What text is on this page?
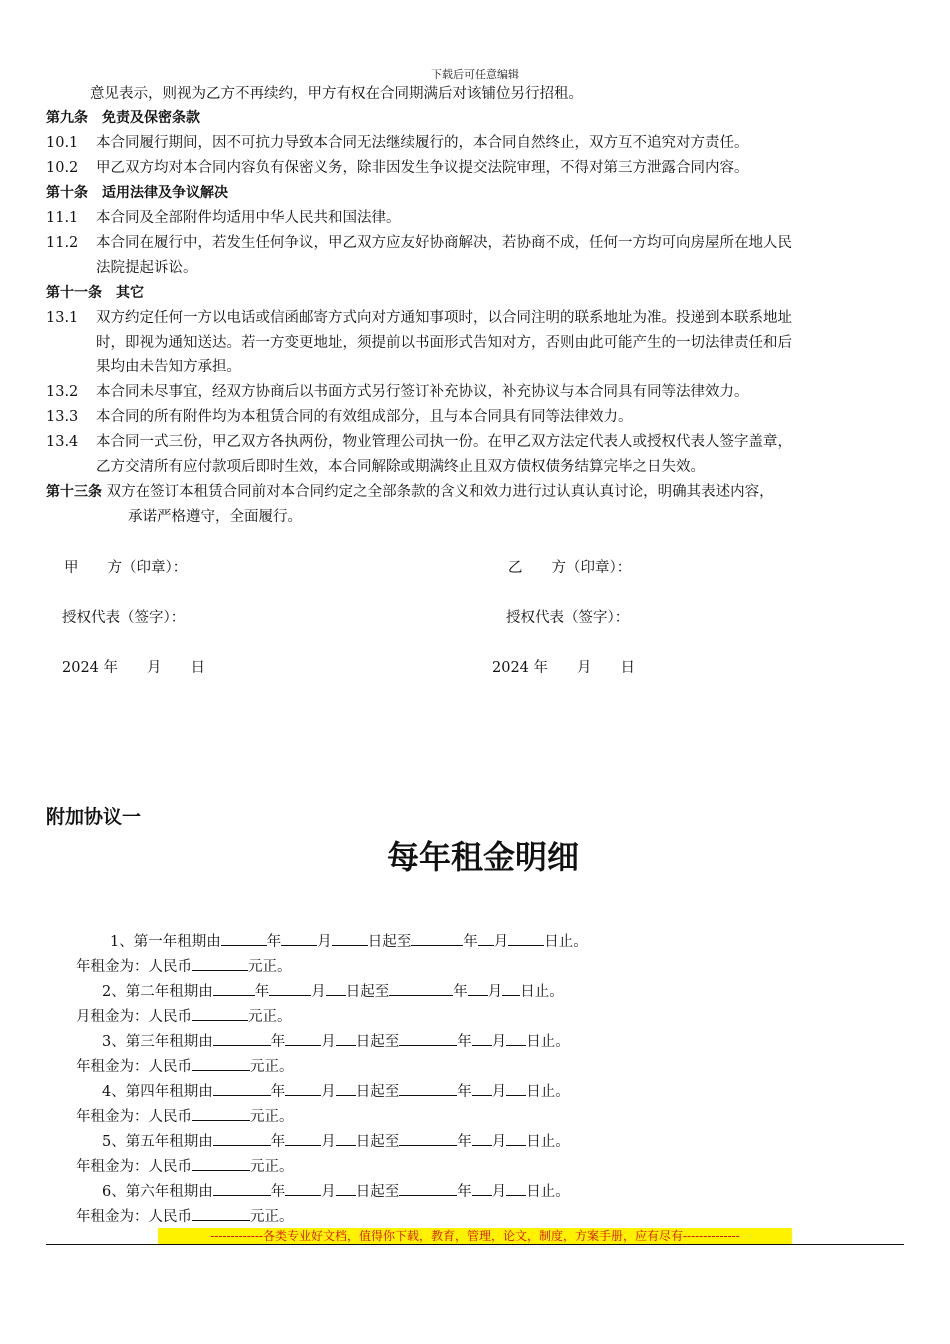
下载后可任意编辑
意见表示，则视为乙方不再续约，甲方有权在合同期满后对该铺位另行招租。
第九条　免责及保密条款
10.1 本合同履行期间，因不可抗力导致本合同无法继续履行的，本合同自然终止，双方互不追究对方责任。
10.2 甲乙双方均对本合同内容负有保密义务，除非因发生争议提交法院审理，不得对第三方泄露合同内容。
第十条　适用法律及争议解决
11.1 本合同及全部附件均适用中华人民共和国法律。
11.2 本合同在履行中，若发生任何争议，甲乙双方应友好协商解决，若协商不成，任何一方均可向房屋所在地人民
法院提起诉讼。
第十一条　其它
13.1 双方约定任何一方以电话或信函邮寄方式向对方通知事项时，以合同注明的联系地址为准。投递到本联系地址
时，即视为通知送达。若一方变更地址，须提前以书面形式告知对方，否则由此可能产生的一切法律责任和后
果均由未告知方承担。
13.2 本合同未尽事宜，经双方协商后以书面方式另行签订补充协议，补充协议与本合同具有同等法律效力。
13.3 本合同的所有附件均为本租赁合同的有效组成部分，且与本合同具有同等法律效力。
13.4 本合同一式三份，甲乙双方各执两份，物业管理公司执一份。在甲乙双方法定代表人或授权代表人签字盖章，
乙方交清所有应付款项后即时生效，本合同解除或期满终止且双方债权债务结算完毕之日失效。
第十三条 双方在签订本租赁合同前对本合同约定之全部条款的含义和效力进行过认真认真讨论，明确其表述内容，
承诺严格遵守，全面履行。
甲　　方（印章）：	乙　　方（印章）：
授权代表（签字）：	授权代表（签字）：
2024 年　　月　　日	2024 年　　月　　日
附加协议一
每年租金明细
1、第一年租期由	年 月 日起至	年 月 日止。
年租金为：人民币	元正。
2、第二年租期由	年	月 日起至	年 月 日止。
月租金为：人民币	元正。
3、第三年租期由	年 月 日起至	年 月 日止。
年租金为：人民币	元正。
4、第四年租期由	年 月 日起至	年 月 日止。
年租金为：人民币	元正。
5、第五年租期由	年 月 日起至	年 月 日止。
年租金为：人民币	元正。
6、第六年租期由	年 月 日起至	年 月 日止。
年租金为：人民币	元正。
-------------各类专业好文档，值得你下载，教育，管理，论文，制度，方案手册，应有尽有--------------
